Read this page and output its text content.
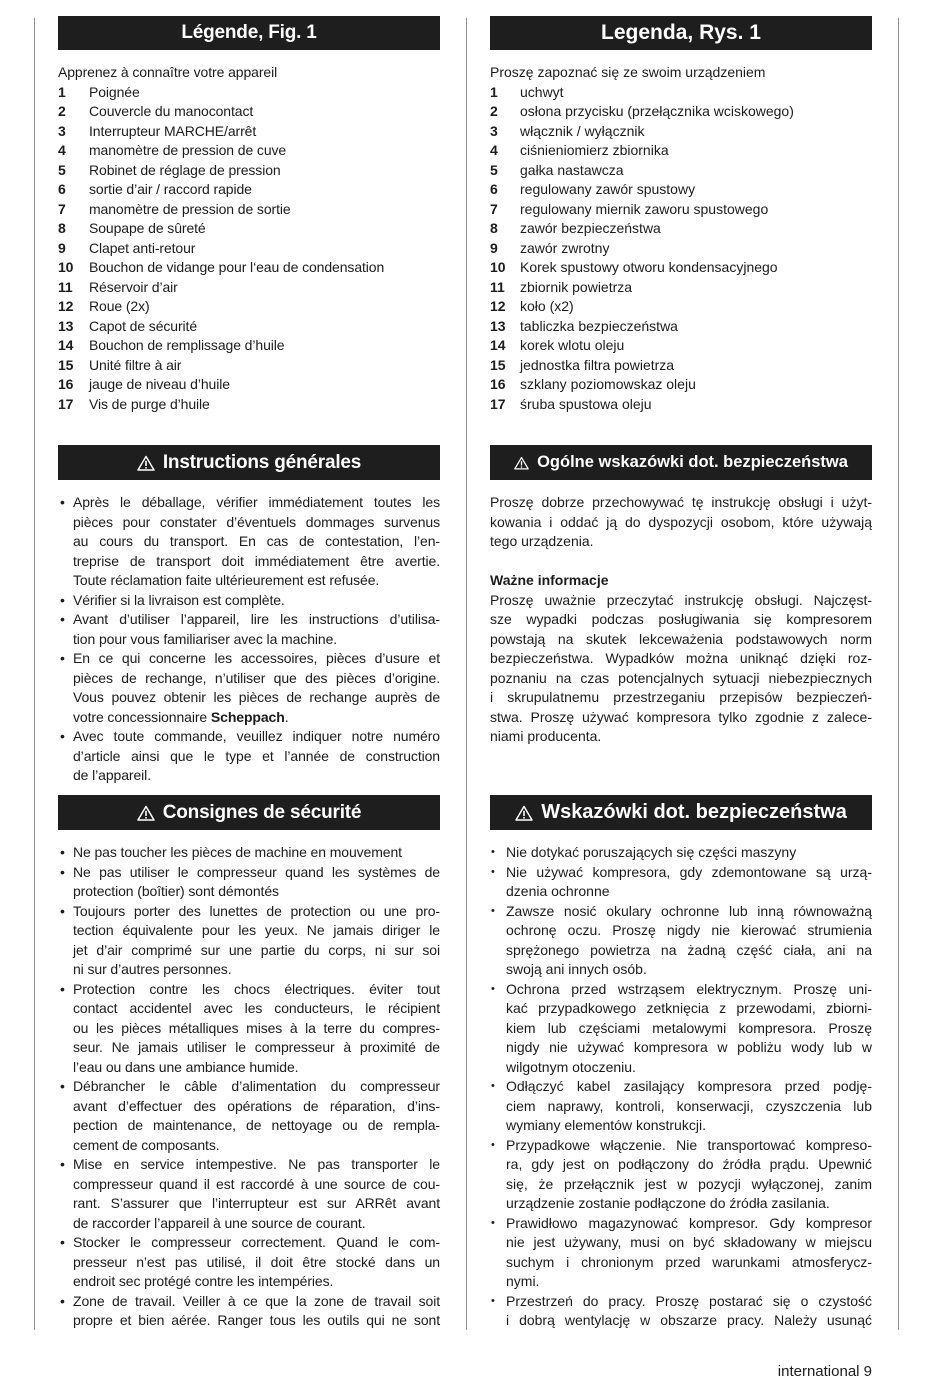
Légende, Fig. 1
Apprenez à connaître votre appareil
1	Poignée
2	Couvercle du manocontact
3	Interrupteur MARCHE/arrêt
4	manomètre de pression de cuve
5	Robinet de réglage de pression
6	sortie d’air / raccord rapide
7	manomètre de pression de sortie
8	Soupape de sûreté
9	Clapet anti-retour
10	Bouchon de vidange pour l‘eau de condensation
11	Réservoir d’air
12	Roue (2x)
13	Capot de sécurité
14	Bouchon de remplissage d’huile
15	Unité filtre à air
16	jauge de niveau d’huile
17	Vis de purge d’huile
Instructions générales
• Après le déballage, vérifier immédiatement toutes les
pièces pour constater d’éventuels dommages survenus
au cours du transport. En cas de contestation, l’en-
treprise de transport doit immédiatement être avertie.
Toute réclamation faite ultérieurement est refusée.
• Vérifier si la livraison est complète.
• Avant d’utiliser l’appareil, lire les instructions d’utilisa-
tion pour vous familiariser avec la machine.
• En ce qui concerne les accessoires, pièces d’usure et
pièces de rechange, n’utiliser que des pièces d’origine.
Vous pouvez obtenir les pièces de rechange auprès de
votre concessionnaire Scheppach.
• Avec toute commande, veuillez indiquer notre numéro
d’article ainsi que le type et l’année de construction
de l’appareil.
Consignes de sécurité
• Ne pas toucher les pièces de machine en mouvement
• Ne pas utiliser le compresseur quand les systèmes de
protection (boîtier) sont démontés
• Toujours porter des lunettes de protection ou une pro-
tection équivalente pour les yeux. Ne jamais diriger le
jet d’air comprimé sur une partie du corps, ni sur soi
ni sur d’autres personnes.
• Protection contre les chocs électriques. éviter tout
contact accidentel avec les conducteurs, le récipient
ou les pièces métalliques mises à la terre du compres-
seur. Ne jamais utiliser le compresseur à proximité de
l’eau ou dans une ambiance humide.
• Débrancher le câble d’alimentation du compresseur
avant d’effectuer des opérations de réparation, d’ins-
pection de maintenance, de nettoyage ou de rempla-
cement de composants.
• Mise en service intempestive. Ne pas transporter le
compresseur quand il est raccordé à une source de cou-
rant. S’assurer que l’interrupteur est sur ARRêt avant
de raccorder l’appareil à une source de courant.
• Stocker le compresseur correctement. Quand le com-
presseur n’est pas utilisé, il doit être stocké dans un
endroit sec protégé contre les intempéries.
• Zone de travail. Veiller à ce que la zone de travail soit
propre et bien aérée. Ranger tous les outils qui ne sont
Legenda, Rys. 1
Proszę zapoznać się ze swoim urządzeniem
1	uchwyt
2	osłona przycisku (przełącznika wciskowego)
3	włącznik / wyłącznik
4	ciśnieniomierz zbiornika
5	gałka nastawcza
6	regulowany zawór spustowy
7	regulowany miernik zaworu spustowego
8	zawór bezpieczeństwa
9	zawór zwrotny
10	Korek spustowy otworu kondensacyjnego
11	zbiornik powietrza
12	koło (x2)
13	tabliczka bezpieczeństwa
14	korek wlotu oleju
15	jednostka filtra powietrza
16	szklany poziomowskaz oleju
17	śruba spustowa oleju
Ogólne wskazówki dot. bezpieczeństwa
Proszę dobrze przechowywać tę instrukcję obsługi i użyt-
kowania i oddać ją do dyspozycji osobom, które używają
tego urządzenia.
Ważne informacje
Proszę uważnie przeczytać instrukcję obsługi. Najczęst-
sze wypadki podczas posługiwania się kompresorem
powstają na skutek lekceważenia podstawowych norm
bezpieczeństwa. Wypadków można uniknąć dzięki roz-
poznaniu na czas potencjalnych sytuacji niebezpiecznych
i skrupulatnemu przestrzeganiu przepisów bezpieczeń-
stwa. Proszę używać kompresora tylko zgodnie z zalece-
niami producenta.
Wskazówki dot. bezpieczeństwa
• Nie dotykać poruszających się części maszyny
• Nie używać kompresora, gdy zdemontowane są urzą-
dzenia ochronne
• Zawsze nosić okulary ochronne lub inną równoważną
ochronę oczu. Proszę nigdy nie kierować strumienia
sprężonego powietrza na żadną część ciała, ani na
swoją ani innych osób.
• Ochrona przed wstrząsem elektrycznym. Proszę uni-
kać przypadkowego zetknięcia z przewodami, zbiorni-
kiem lub częściami metalowymi kompresora. Proszę
nigdy nie używać kompresora w pobliżu wody lub w
wilgotnym otoczeniu.
• Odłączyć kabel zasilający kompresora przed podję-
ciem naprawy, kontroli, konserwacji, czyszczenia lub
wymiany elementów konstrukcji.
• Przypadkowe włączenie. Nie transportować kompreso-
ra, gdy jest on podłączony do źródła prądu. Upewnić
się, że przełącznik jest w pozycji wyłączonej, zanim
urządzenie zostanie podłączone do źródła zasilania.
• Prawidłowo magazynować kompresor. Gdy kompresor
nie jest używany, musi on być składowany w miejscu
suchym i chronionym przed warunkami atmosferycz-
nymi.
• Przestrzeń do pracy. Proszę postarać się o czystość
i dobrą wentylację w obszarze pracy. Należy usunąć
international 9
